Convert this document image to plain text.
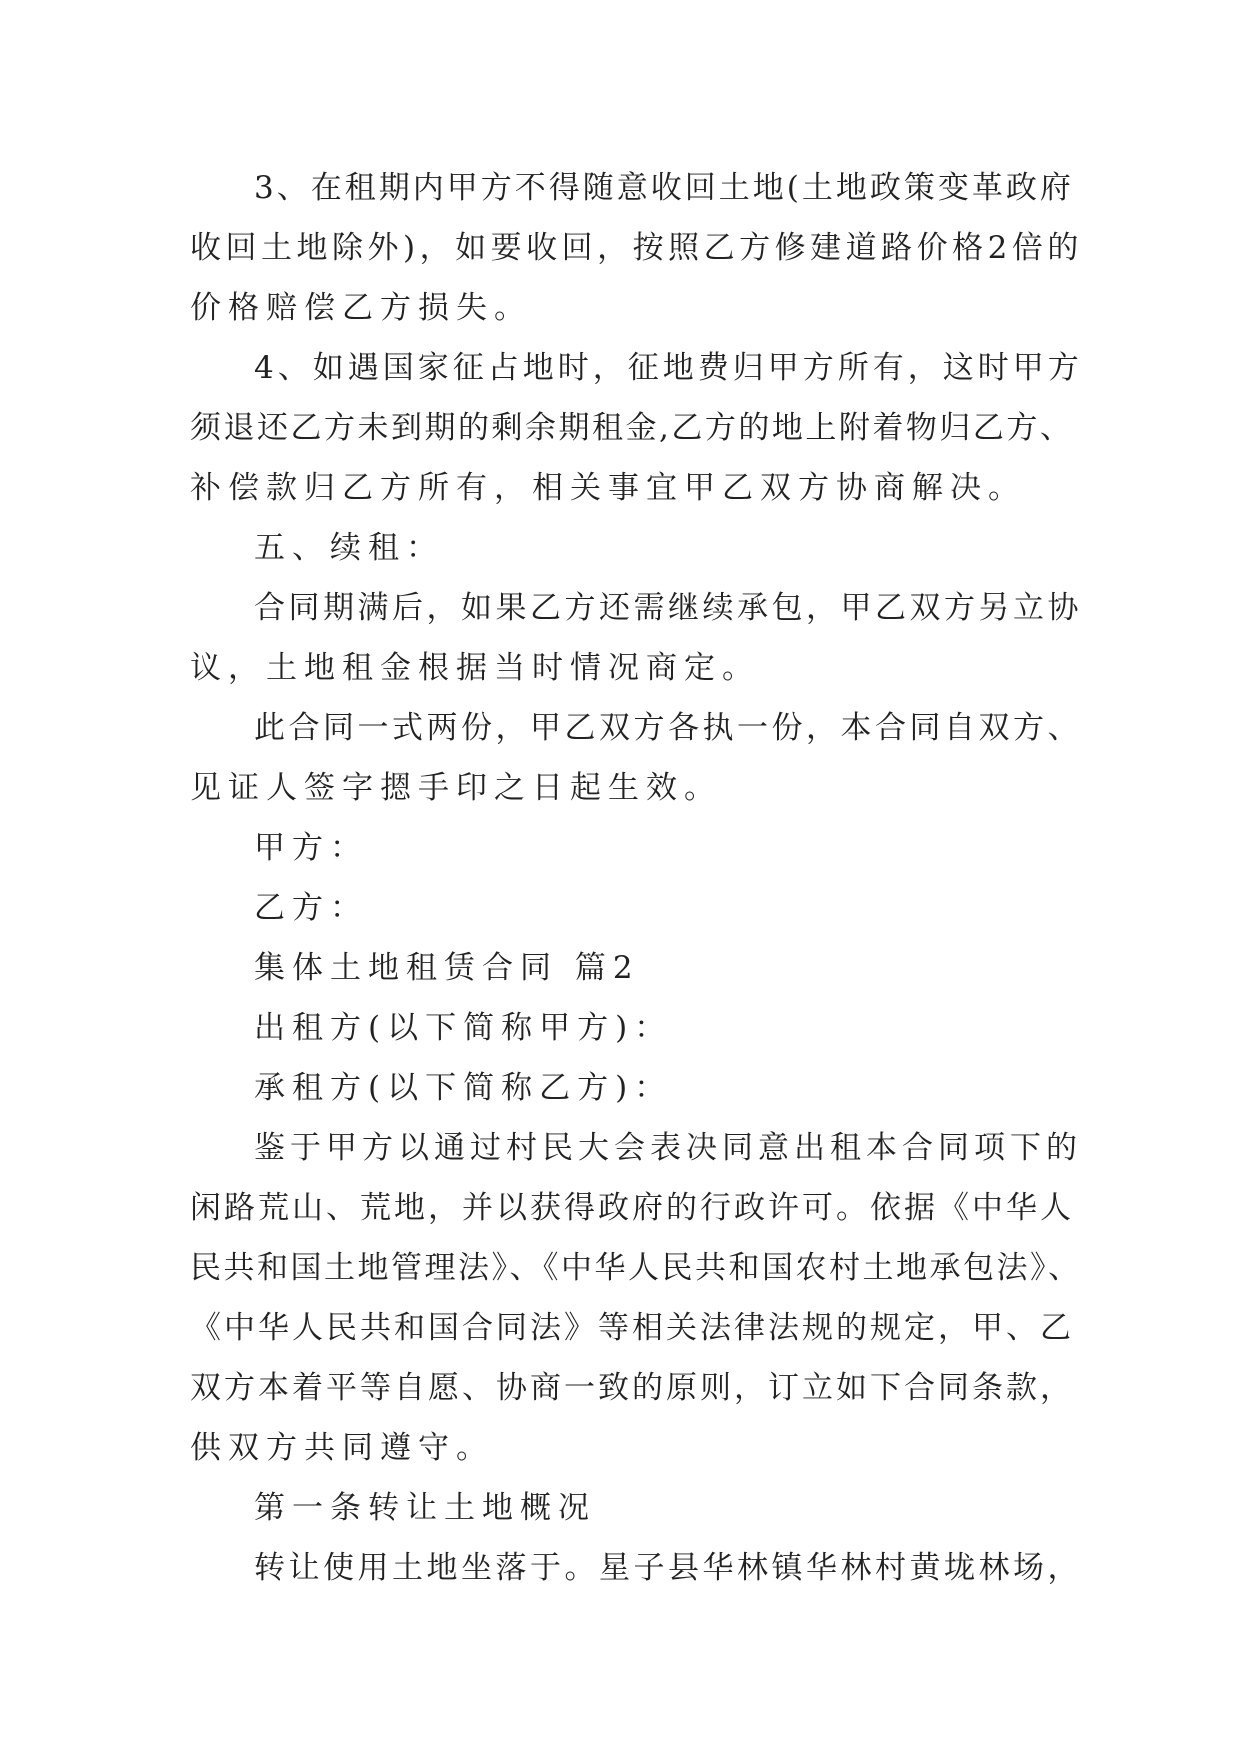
3、在租期内甲方不得随意收回土地(土地政策变革政府

收回土地除外)，如要收回，按照乙方修建道路价格2倍的

价格赔偿乙方损失。

4、如遇国家征占地时，征地费归甲方所有，这时甲方

须退还乙方未到期的剩余期租金,乙方的地上附着物归乙方、

补偿款归乙方所有，相关事宜甲乙双方协商解决。

五、续租：

合同期满后，如果乙方还需继续承包，甲乙双方另立协

议，土地租金根据当时情况商定。

此合同一式两份，甲乙双方各执一份，本合同自双方、

见证人签字摁手印之日起生效。

甲方：

乙方：

集体土地租赁合同 篇2

出租方(以下简称甲方)：

承租方(以下简称乙方)：

鉴于甲方以通过村民大会表决同意出租本合同项下的

闲路荒山、荒地，并以获得政府的行政许可。依据《中华人

民共和国土地管理法》、《中华人民共和国农村土地承包法》、

《中华人民共和国合同法》等相关法律法规的规定，甲、乙

双方本着平等自愿、协商一致的原则，订立如下合同条款，

供双方共同遵守。

第一条转让土地概况

转让使用土地坐落于。星子县华林镇华林村黄垅林场，
